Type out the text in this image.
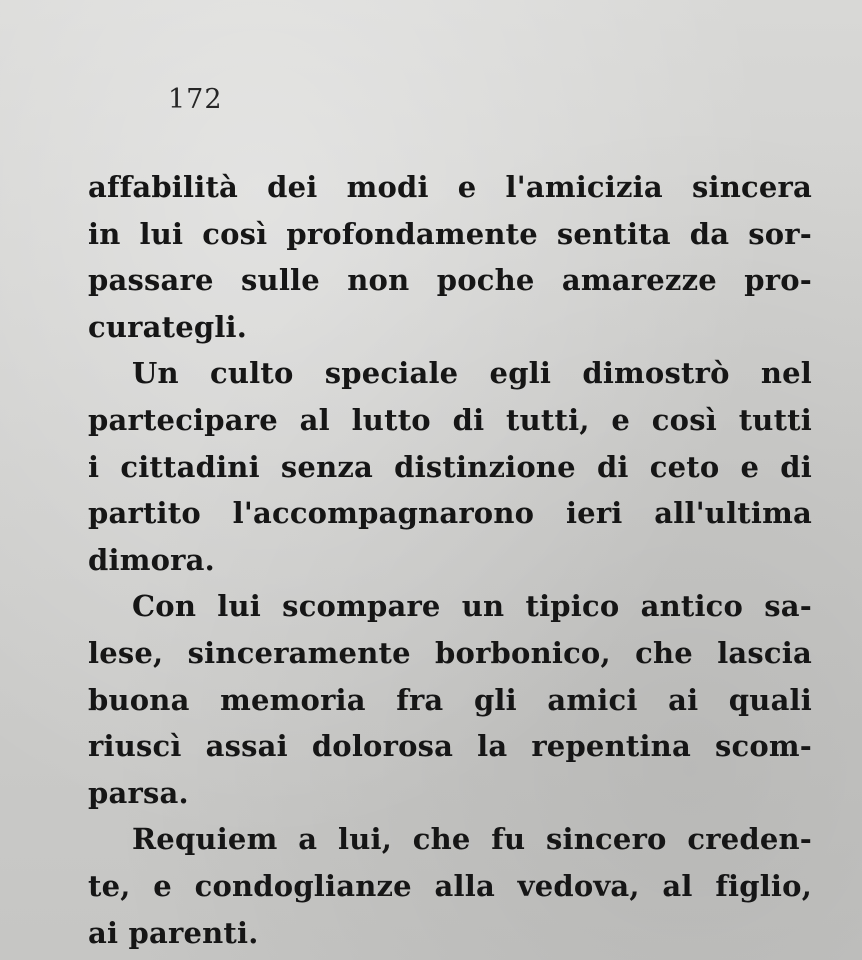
172
affabilità dei modi e l'amicizia sincera
in lui così profondamente sentita da sor-
passare sulle non poche amarezze pro-
curategli.
Un culto speciale egli dimostrò nel
partecipare al lutto di tutti, e così tutti
i cittadini senza distinzione di ceto e di
partito l'accompagnarono ieri all'ultima
dimora.
Con lui scompare un tipico antico sa-
lese, sinceramente borbonico, che lascia
buona memoria fra gli amici ai quali
riuscì assai dolorosa la repentina scom-
parsa.
Requiem a lui, che fu sincero creden-
te, e condoglianze alla vedova, al figlio,
ai parenti.
